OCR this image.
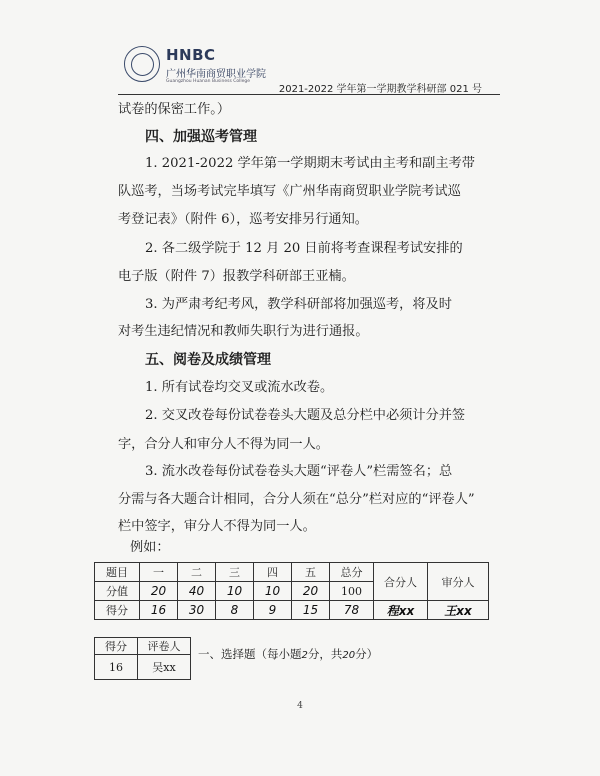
HNBC
广州华南商贸职业学院
Guangzhou Huanan Business College
2021-2022 学年第一学期教学科研部 021 号
试卷的保密工作。）
四、加强巡考管理
1. 2021-2022 学年第一学期期末考试由主考和副主考带
队巡考，当场考试完毕填写《广州华南商贸职业学院考试巡
考登记表》（附件 6），巡考安排另行通知。
2. 各二级学院于 12 月 20 日前将考查课程考试安排的
电子版（附件 7）报教学科研部王亚楠。
3. 为严肃考纪考风，教学科研部将加强巡考，将及时
对考生违纪情况和教师失职行为进行通报。
五、阅卷及成绩管理
1. 所有试卷均交叉或流水改卷。
2. 交叉改卷每份试卷卷头大题及总分栏中必须计分并签
字，合分人和审分人不得为同一人。
3. 流水改卷每份试卷卷头大题“评卷人”栏需签名；总
分需与各大题合计相同，合分人须在“总分”栏对应的“评卷人”
栏中签字，审分人不得为同一人。
例如：
题目	一	二	三	四	五	总分	合分人	审分人
分值	20	40	10	10	20	100		
得分	16	30	8	9	15	78	程xx	王xx
得分	评卷人
16	吴xx
一、选择题（每小题2分，共20分）
4
